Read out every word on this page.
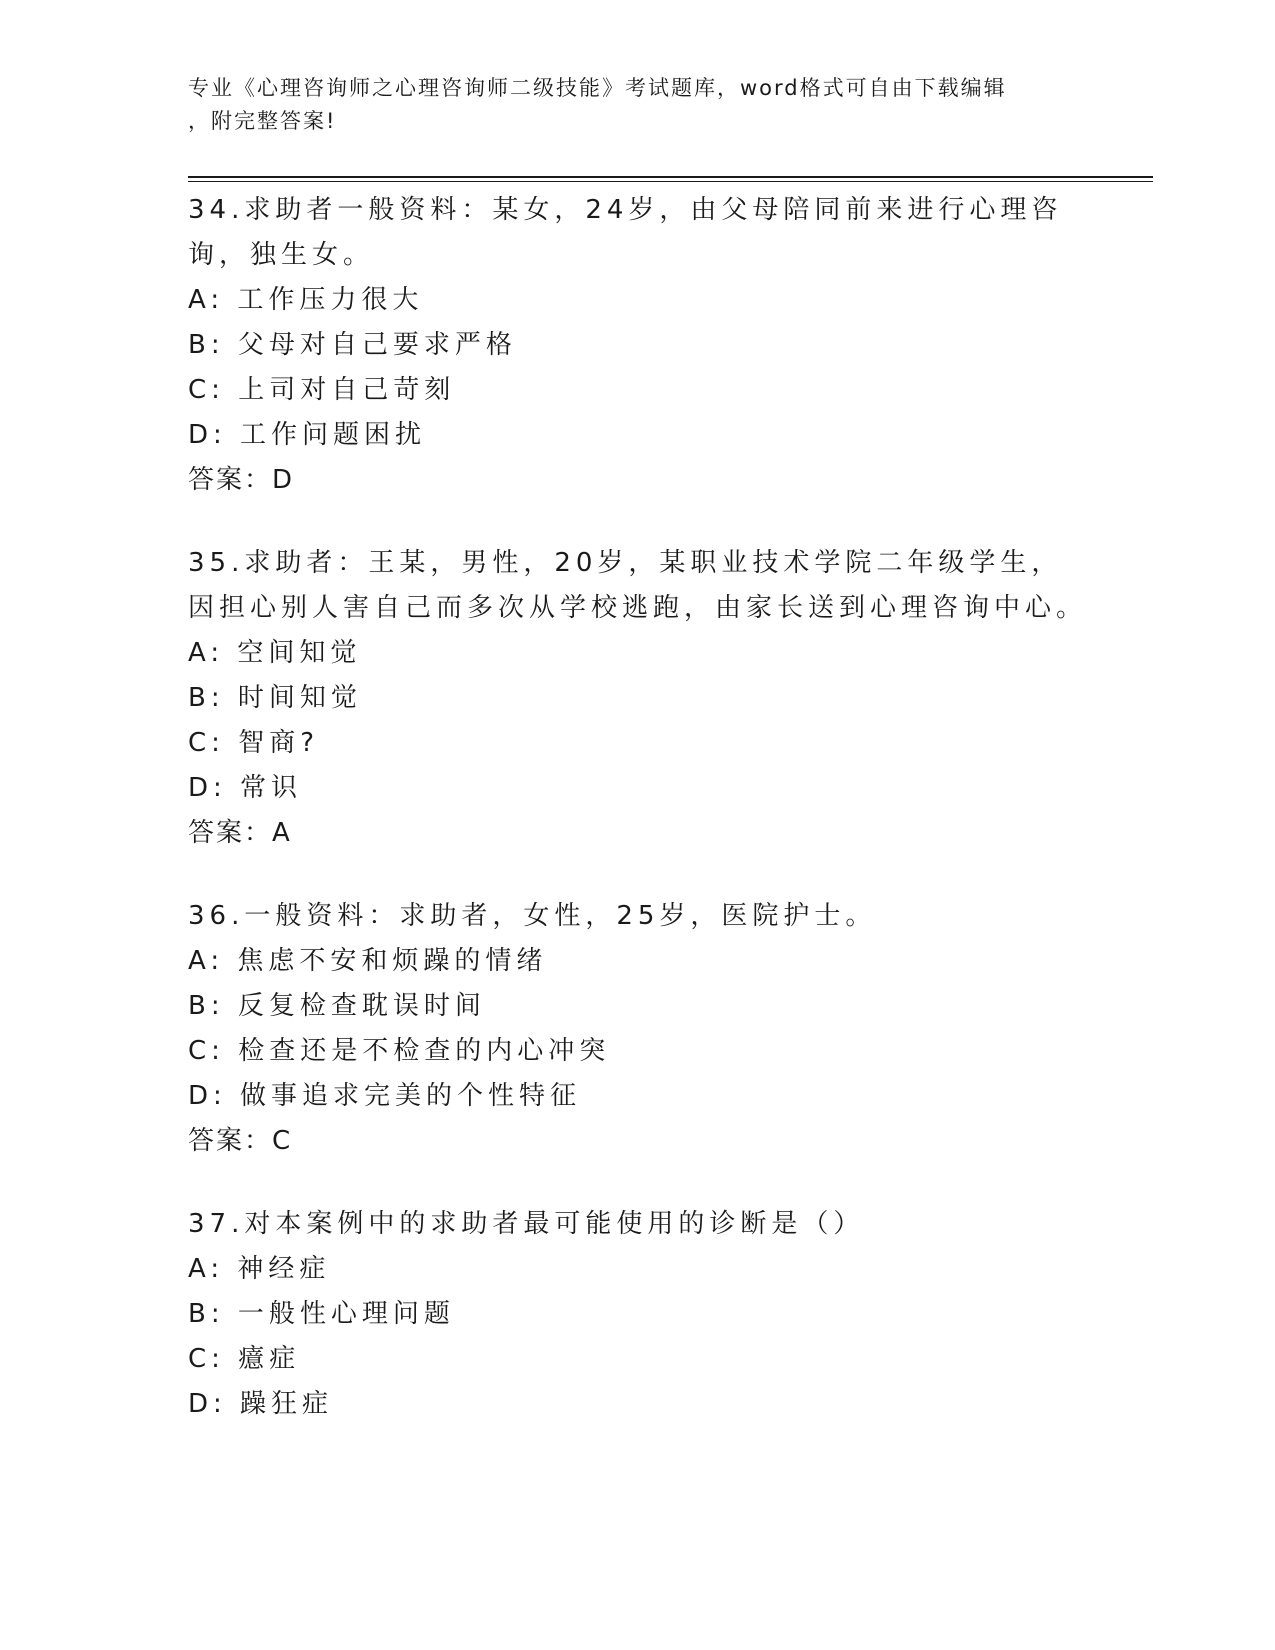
专业《心理咨询师之心理咨询师二级技能》考试题库，word格式可自由下载编辑
，附完整答案!

34.求助者一般资料：某女，24岁，由父母陪同前来进行心理咨询，独生女。

A: 工作压力很大

B: 父母对自己要求严格

C: 上司对自己苛刻

D: 工作问题困扰

答案：D

35.求助者：王某，男性，20岁，某职业技术学院二年级学生，因担心别人害自己而多次从学校逃跑，由家长送到心理咨询中心。

A: 空间知觉

B: 时间知觉

C: 智商?

D: 常识

答案：A

36.一般资料：求助者，女性，25岁，医院护士。

A: 焦虑不安和烦躁的情绪

B: 反复检查耽误时间

C: 检查还是不检查的内心冲突

D: 做事追求完美的个性特征

答案：C

37.对本案例中的求助者最可能使用的诊断是（）

A: 神经症

B: 一般性心理问题

C: 癔症

D: 躁狂症
